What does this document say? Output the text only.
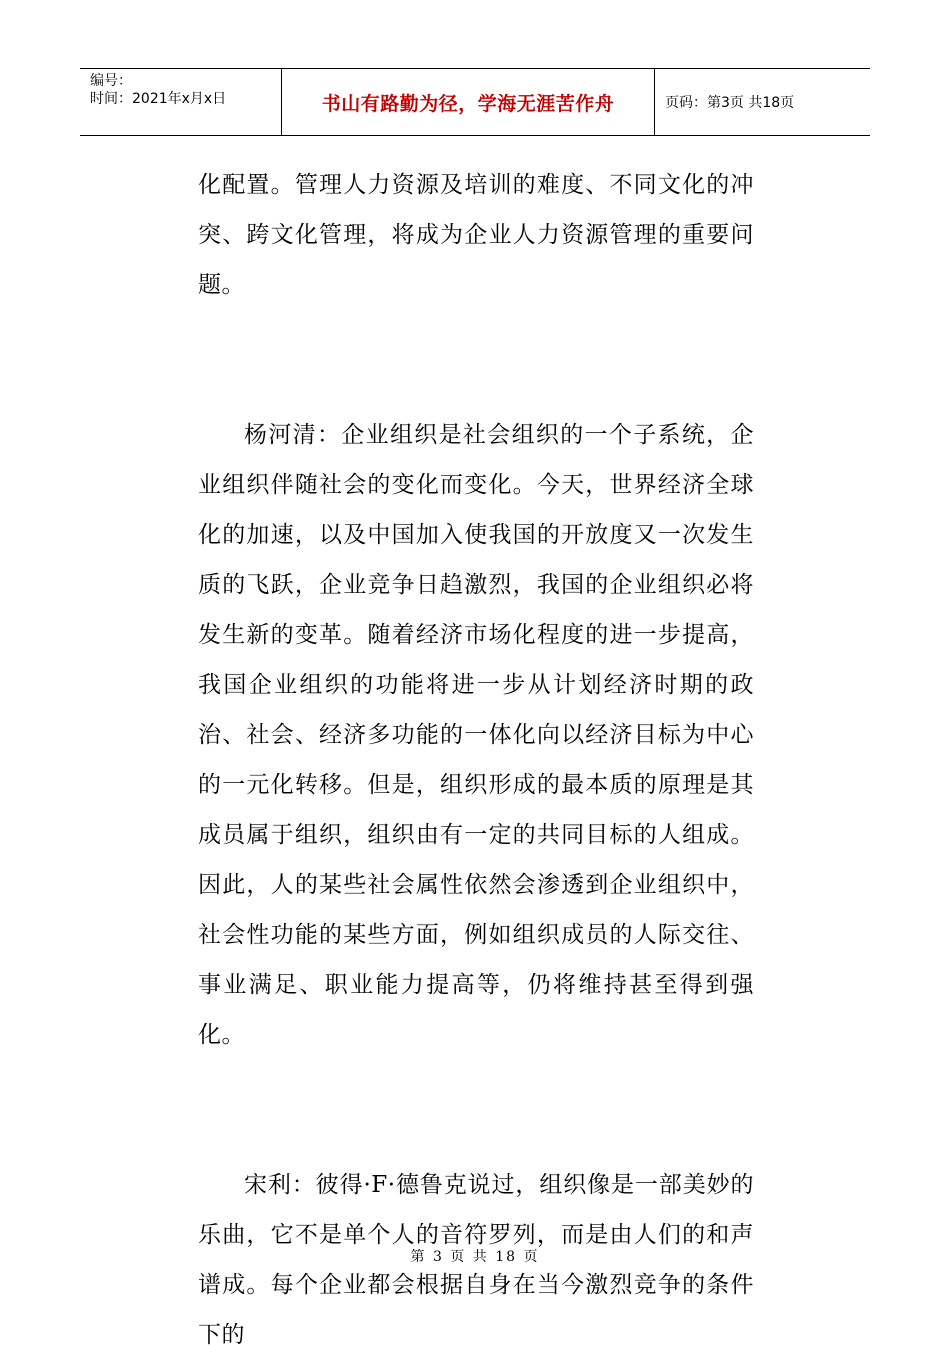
编号：
时间：2021年x月x日	书山有路勤为径，学海无涯苦作舟	页码：第3页 共18页

化配置。管理人力资源及培训的难度、不同文化的冲突、跨文化管理，将成为企业人力资源管理的重要问题。

杨河清：企业组织是社会组织的一个子系统，企业组织伴随社会的变化而变化。今天，世界经济全球化的加速，以及中国加入使我国的开放度又一次发生质的飞跃，企业竞争日趋激烈，我国的企业组织必将发生新的变革。随着经济市场化程度的进一步提高，我国企业组织的功能将进一步从计划经济时期的政治、社会、经济多功能的一体化向以经济目标为中心的一元化转移。但是，组织形成的最本质的原理是其成员属于组织，组织由有一定的共同目标的人组成。因此，人的某些社会属性依然会渗透到企业组织中，社会性功能的某些方面，例如组织成员的人际交往、事业满足、职业能力提高等，仍将维持甚至得到强化。

宋利：彼得·F·德鲁克说过，组织像是一部美妙的乐曲，它不是单个人的音符罗列，而是由人们的和声谱成。每个企业都会根据自身在当今激烈竞争的条件下的

第 3 页 共 18 页
